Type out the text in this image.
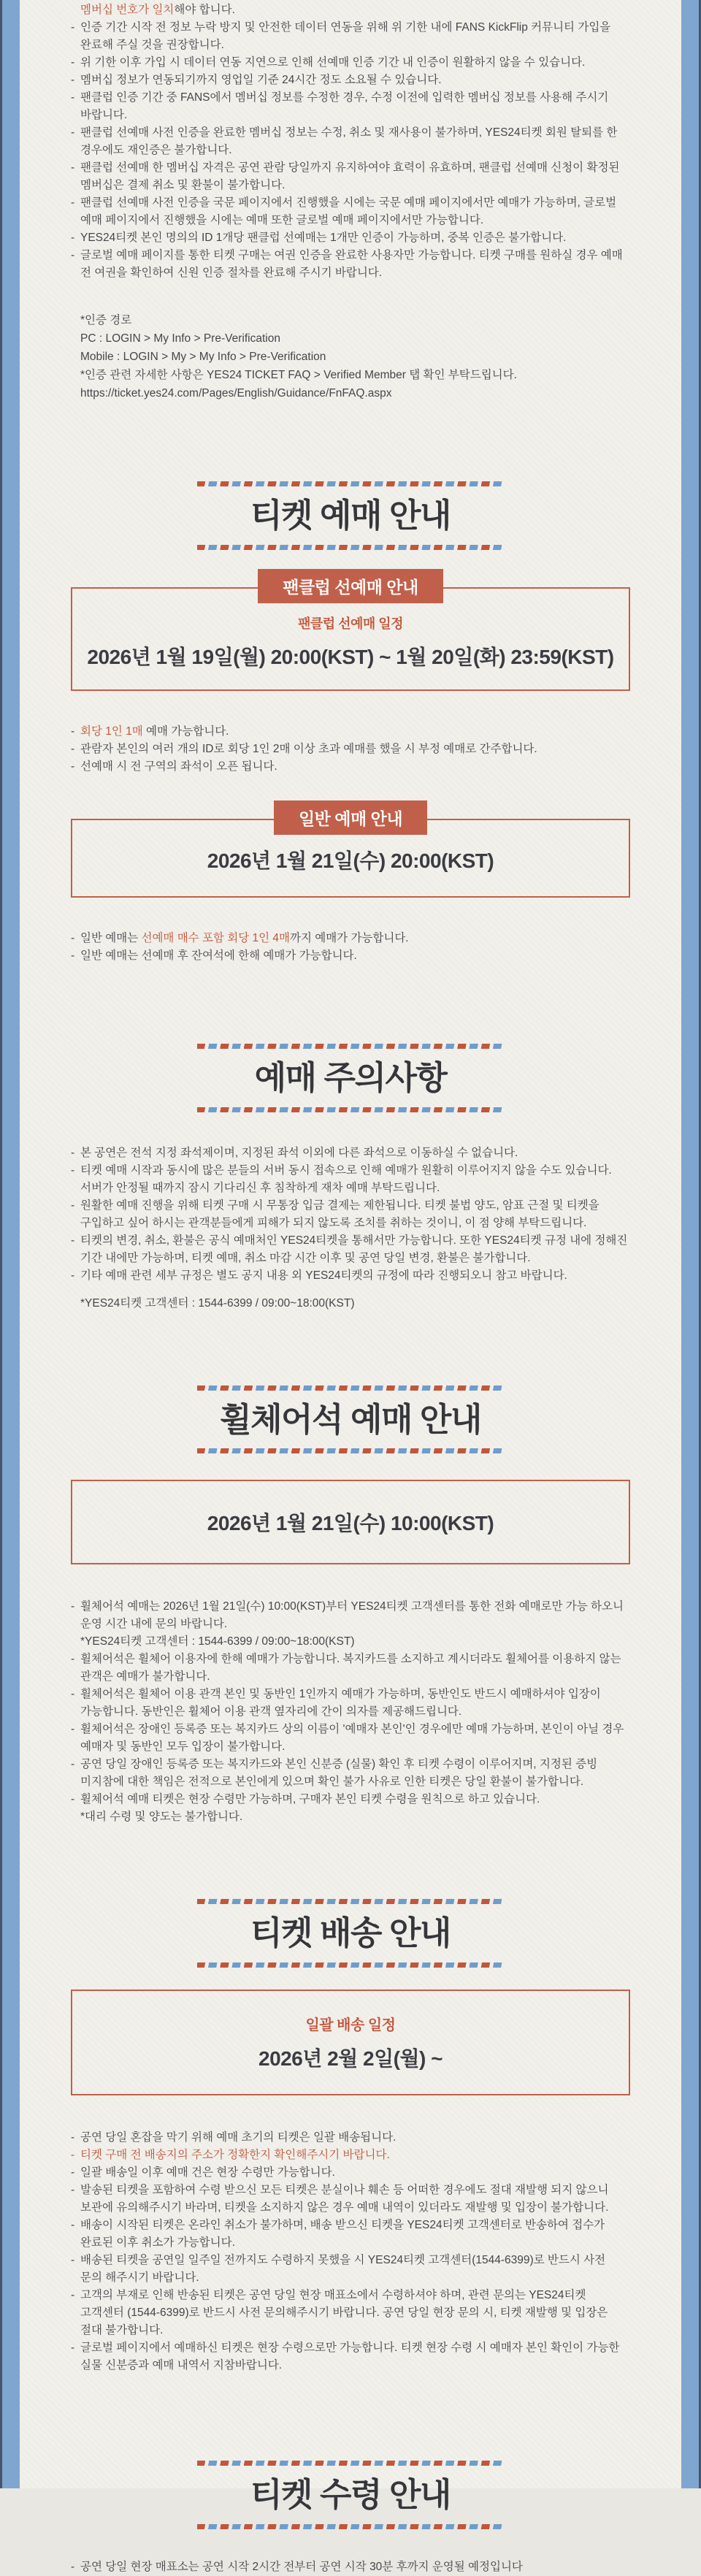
멤버십 번호가 일치해야 합니다.
- 인증 기간 시작 전 정보 누락 방지 및 안전한 데이터 연동을 위해 위 기한 내에 FANS KickFlip 커뮤니티 가입을 완료해 주실 것을 권장합니다.
- 위 기한 이후 가입 시 데이터 연동 지연으로 인해 선예매 인증 기간 내 인증이 원활하지 않을 수 있습니다.
- 멤버십 정보가 연동되기까지 영업일 기준 24시간 정도 소요될 수 있습니다.
- 팬클럽 인증 기간 중 FANS에서 멤버십 정보를 수정한 경우, 수정 이전에 입력한 멤버십 정보를 사용해 주시기 바랍니다.
- 팬클럽 선예매 사전 인증을 완료한 멤버십 정보는 수정, 취소 및 재사용이 불가하며, YES24티켓 회원 탈퇴를 한 경우에도 재인증은 불가합니다.
- 팬클럽 선예매 한 멤버십 자격은 공연 관람 당일까지 유지하여야 효력이 유효하며, 팬클럽 선예매 신청이 확정된 멤버십은 결제 취소 및 환불이 불가합니다.
- 팬클럽 선예매 사전 인증을 국문 페이지에서 진행했을 시에는 국문 예매 페이지에서만 예매가 가능하며, 글로벌 예매 페이지에서 진행했을 시에는 예매 또한 글로벌 예매 페이지에서만 가능합니다.
- YES24티켓 본인 명의의 ID 1개당 팬클럽 선예매는 1개만 인증이 가능하며, 중복 인증은 불가합니다.
- 글로벌 예매 페이지를 통한 티켓 구매는 여권 인증을 완료한 사용자만 가능합니다. 티켓 구매를 원하실 경우 예매 전 여권을 확인하여 신원 인증 절차를 완료해 주시기 바랍니다.
*인증 경로
PC : LOGIN > My Info > Pre-Verification
Mobile : LOGIN > My > My Info > Pre-Verification
*인증 관련 자세한 사항은 YES24 TICKET FAQ > Verified Member 탭 확인 부탁드립니다.
https://ticket.yes24.com/Pages/English/Guidance/FnFAQ.aspx
티켓 예매 안내
팬클럽 선예매 안내
팬클럽 선예매 일정
2026년 1월 19일(월) 20:00(KST) ~ 1월 20일(화) 23:59(KST)
- 회당 1인 1매 예매 가능합니다.
- 관람자 본인의 여러 개의 ID로 회당 1인 2매 이상 초과 예매를 했을 시 부정 예매로 간주합니다.
- 선예매 시 전 구역의 좌석이 오픈 됩니다.
일반 예매 안내
2026년 1월 21일(수) 20:00(KST)
- 일반 예매는 선예매 매수 포함 회당 1인 4매까지 예매가 가능합니다.
- 일반 예매는 선예매 후 잔여석에 한해 예매가 가능합니다.
예매 주의사항
- 본 공연은 전석 지정 좌석제이며, 지정된 좌석 이외에 다른 좌석으로 이동하실 수 없습니다.
- 티켓 예매 시작과 동시에 많은 분들의 서버 동시 접속으로 인해 예매가 원활히 이루어지지 않을 수도 있습니다. 서버가 안정될 때까지 잠시 기다리신 후 침착하게 재차 예매 부탁드립니다.
- 원활한 예매 진행을 위해 티켓 구매 시 무통장 입금 결제는 제한됩니다. 티켓 불법 양도, 암표 근절 및 티켓을 구입하고 싶어 하시는 관객분들에게 피해가 되지 않도록 조치를 취하는 것이니, 이 점 양해 부탁드립니다.
- 티켓의 변경, 취소, 환불은 공식 예매처인 YES24티켓을 통해서만 가능합니다. 또한 YES24티켓 규정 내에 정해진 기간 내에만 가능하며, 티켓 예매, 취소 마감 시간 이후 및 공연 당일 변경, 환불은 불가합니다.
- 기타 예매 관련 세부 규정은 별도 공지 내용 외 YES24티켓의 규정에 따라 진행되오니 참고 바랍니다.
*YES24티켓 고객센터 : 1544-6399 / 09:00~18:00(KST)
휠체어석 예매 안내
2026년 1월 21일(수) 10:00(KST)
- 휠체어석 예매는 2026년 1월 21일(수) 10:00(KST)부터 YES24티켓 고객센터를 통한 전화 예매로만 가능 하오니 운영 시간 내에 문의 바랍니다.
*YES24티켓 고객센터 : 1544-6399 / 09:00~18:00(KST)
- 휠체어석은 휠체어 이용자에 한해 예매가 가능합니다. 복지카드를 소지하고 계시더라도 휠체어를 이용하지 않는 관객은 예매가 불가합니다.
- 휠체어석은 휠체어 이용 관객 본인 및 동반인 1인까지 예매가 가능하며, 동반인도 반드시 예매하셔야 입장이 가능합니다. 동반인은 휠체어 이용 관객 옆자리에 간이 의자를 제공해드립니다.
- 휠체어석은 장애인 등록증 또는 복지카드 상의 이름이 '예매자 본인'인 경우에만 예매 가능하며, 본인이 아닐 경우 예매자 및 동반인 모두 입장이 불가합니다.
- 공연 당일 장애인 등록증 또는 복지카드와 본인 신분증 (실물) 확인 후 티켓 수령이 이루어지며, 지정된 증빙 미지참에 대한 책임은 전적으로 본인에게 있으며 확인 불가 사유로 인한 티켓은 당일 환불이 불가합니다.
- 휠체어석 예매 티켓은 현장 수령만 가능하며, 구매자 본인 티켓 수령을 원칙으로 하고 있습니다.
*대리 수령 및 양도는 불가합니다.
티켓 배송 안내
일괄 배송 일정
2026년 2월 2일(월) ~
- 공연 당일 혼잡을 막기 위해 예매 초기의 티켓은 일괄 배송됩니다.
- 티켓 구매 전 배송지의 주소가 정확한지 확인해주시기 바랍니다.
- 일괄 배송일 이후 예매 건은 현장 수령만 가능합니다.
- 발송된 티켓을 포함하여 수령 받으신 모든 티켓은 분실이나 훼손 등 어떠한 경우에도 절대 재발행 되지 않으니 보관에 유의해주시기 바라며, 티켓을 소지하지 않은 경우 예매 내역이 있더라도 재발행 및 입장이 불가합니다.
- 배송이 시작된 티켓은 온라인 취소가 불가하며, 배송 받으신 티켓을 YES24티켓 고객센터로 반송하여 접수가 완료된 이후 취소가 가능합니다.
- 배송된 티켓을 공연일 일주일 전까지도 수령하지 못했을 시 YES24티켓 고객센터(1544-6399)로 반드시 사전 문의 해주시기 바랍니다.
- 고객의 부재로 인해 반송된 티켓은 공연 당일 현장 매표소에서 수령하셔야 하며, 관련 문의는 YES24티켓 고객센터 (1544-6399)로 반드시 사전 문의해주시기 바랍니다. 공연 당일 현장 문의 시, 티켓 재발행 및 입장은 절대 불가합니다.
- 글로벌 페이지에서 예매하신 티켓은 현장 수령으로만 가능합니다. 티켓 현장 수령 시 예매자 본인 확인이 가능한 실물 신분증과 예매 내역서 지참바랍니다.
티켓 수령 안내
- 공연 당일 현장 매표소는 공연 시작 2시간 전부터 공연 시작 30분 후까지 운영될 예정입니다
